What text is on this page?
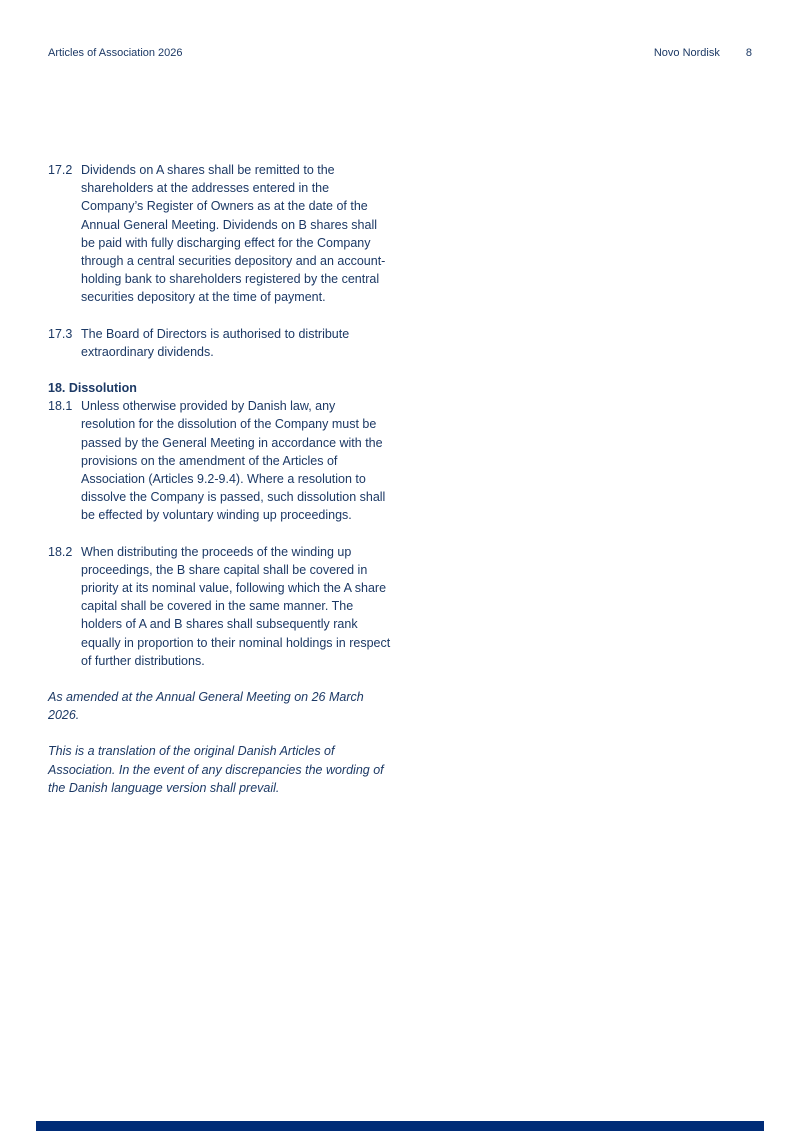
Articles of Association 2026	Novo Nordisk 8
17.2 Dividends on A shares shall be remitted to the shareholders at the addresses entered in the Company’s Register of Owners as at the date of the Annual General Meeting. Dividends on B shares shall be paid with fully discharging effect for the Company through a central securities depository and an account-holding bank to shareholders registered by the central securities depository at the time of payment.

17.3 The Board of Directors is authorised to distribute extraordinary dividends.

18. Dissolution
18.1 Unless otherwise provided by Danish law, any resolution for the dissolution of the Company must be passed by the General Meeting in accordance with the provisions on the amendment of the Articles of Association (Articles 9.2-9.4). Where a resolution to dissolve the Company is passed, such dissolution shall be effected by voluntary winding up proceedings.

18.2 When distributing the proceeds of the winding up proceedings, the B share capital shall be covered in priority at its nominal value, following which the A share capital shall be covered in the same manner. The holders of A and B shares shall subsequently rank equally in proportion to their nominal holdings in respect of further distributions.

As amended at the Annual General Meeting on 26 March 2026.

This is a translation of the original Danish Articles of Association. In the event of any discrepancies the wording of the Danish language version shall prevail.
